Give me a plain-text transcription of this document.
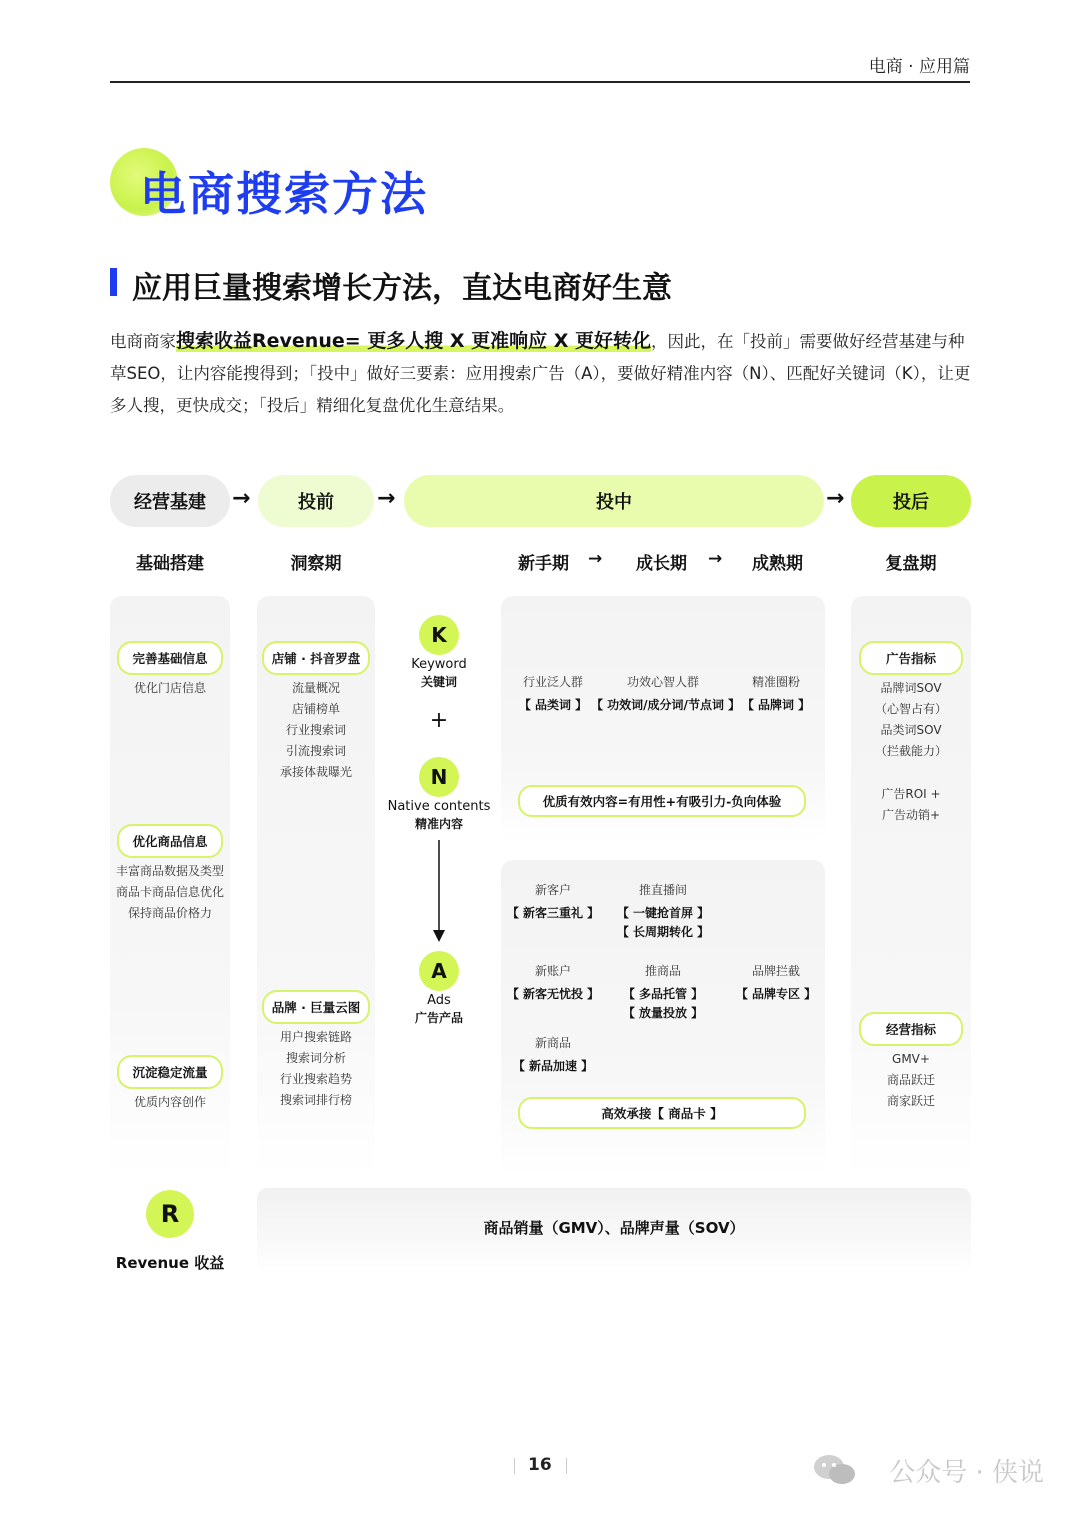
电商 · 应用篇
电商搜索方法
应用巨量搜索增长方法，直达电商好生意
电商商家搜索收益Revenue= 更多人搜 X 更准响应 X 更好转化，因此，在「投前」需要做好经营基建与种草SEO，让内容能搜得到；「投中」做好三要素：应用搜索广告（A），要做好精准内容（N）、匹配好关键词（K），让更多人搜，更快成交；「投后」精细化复盘优化生意结果。
经营基建	→	投前	→	投中	→	投后
基础搭建	洞察期	新手期 → 成长期 → 成熟期	复盘期
完善基础信息
优化门店信息
优化商品信息
丰富商品数据及类型
商品卡商品信息优化
保持商品价格力
沉淀稳定流量
优质内容创作
店铺 · 抖音罗盘
流量概况
店铺榜单
行业搜索词
引流搜索词
承接体裁曝光
品牌 · 巨量云图
用户搜索链路
搜索词分析
行业搜索趋势
搜索词排行榜
K
Keyword
关键词
+
N
Native contents
精准内容
A
Ads
广告产品
行业泛人群
【 品类词 】
功效心智人群
【 功效词/成分词/节点词 】
精准圈粉
【 品牌词 】
优质有效内容=有用性+有吸引力-负向体验
新客户
【 新客三重礼 】
推直播间
【 一键抢首屏 】
【 长周期转化 】
新账户
【 新客无忧投 】
推商品
【 多品托管 】
【 放量投放 】
品牌拦截
【 品牌专区 】
新商品
【 新品加速 】
高效承接【 商品卡 】
广告指标
品牌词SOV
（心智占有）
品类词SOV
（拦截能力）
广告ROI +
广告动销+
经营指标
GMV+
商品跃迁
商家跃迁
R
Revenue 收益
商品销量（GMV）、品牌声量（SOV）
16	公众号 · 侠说
